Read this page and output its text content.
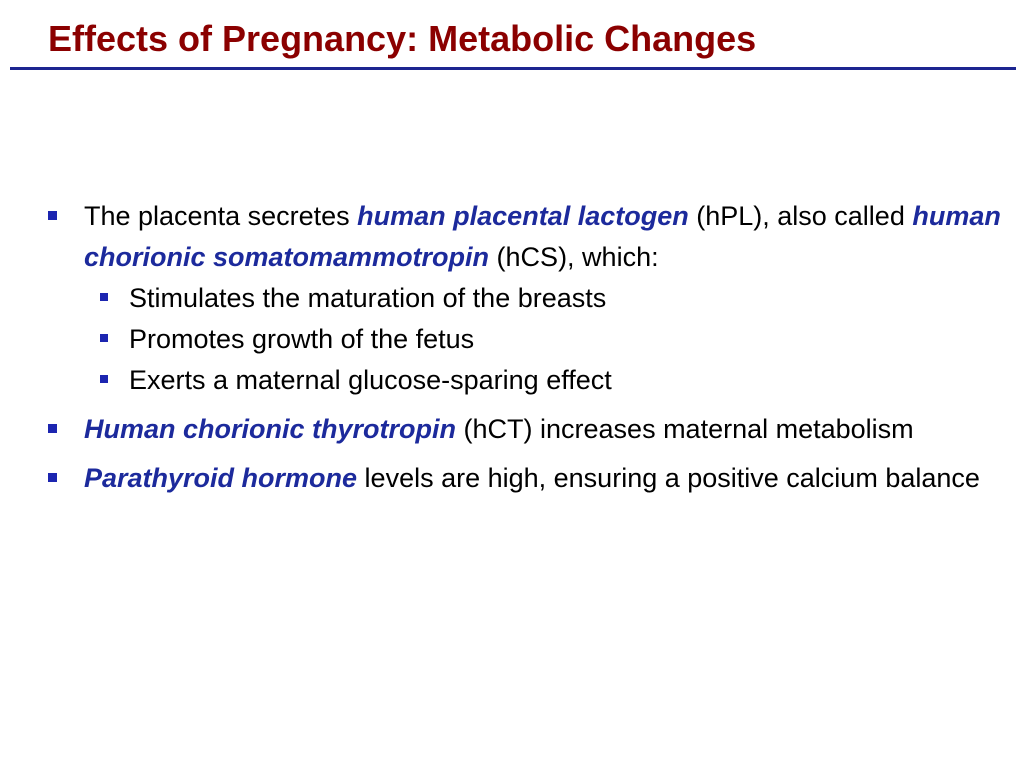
Effects of Pregnancy: Metabolic Changes
The placenta secretes human placental lactogen (hPL), also called human chorionic somatomammotropin (hCS), which:
Stimulates the maturation of the breasts
Promotes growth of the fetus
Exerts a maternal glucose-sparing effect
Human chorionic thyrotropin (hCT) increases maternal metabolism
Parathyroid hormone levels are high, ensuring a positive calcium balance
